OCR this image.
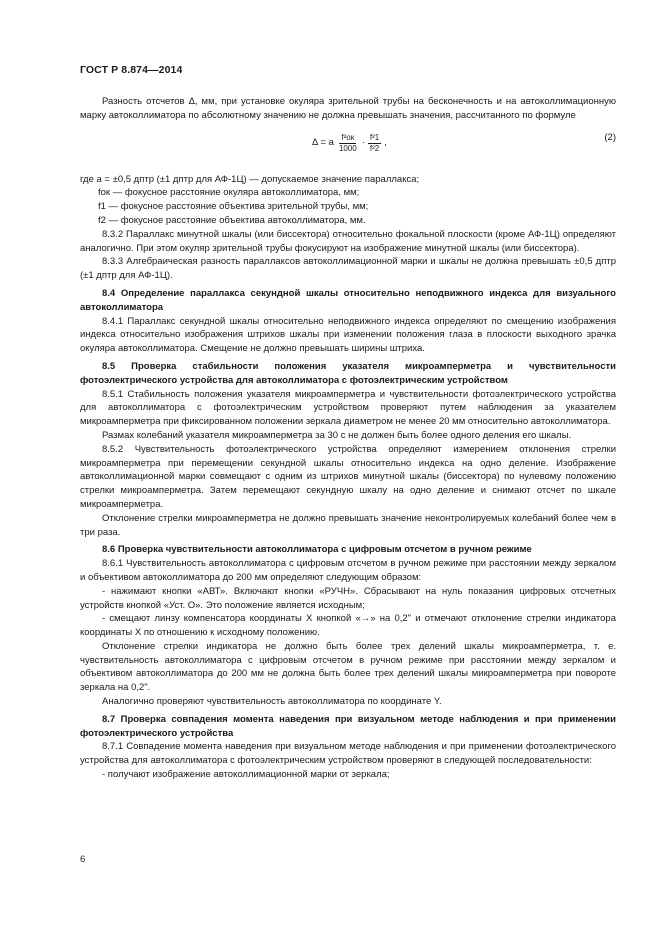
ГОСТ Р 8.874—2014

Разность отсчетов Δ, мм, при установке окуляра зрительной трубы на бесконечность и на автоколлимационную марку автоколлиматора по абсолютному значению не должна превышать значения, рассчитанного по формуле

Δ = a $\frac{\text{f²ок}}{1000} \cdot \frac{\text{f²1}}{\text{f²2}}$ ,
(2)

где a = ±0,5 дптр (±1 дптр для АФ-1Ц) — допускаемое значение параллакса;

fок — фокусное расстояние окуляра автоколлиматора, мм;

f1 — фокусное расстояние объектива зрительной трубы, мм;

f2 — фокусное расстояние объектива автоколлиматора, мм.

8.3.2 Параллакс минутной шкалы (или биссектора) относительно фокальной плоскости (кроме АФ-1Ц) определяют аналогично. При этом окуляр зрительной трубы фокусируют на изображение минутной шкалы (или биссектора).

8.3.3 Алгебраическая разность параллаксов автоколлимационной марки и шкалы не должна превышать ±0,5 дптр (±1 дптр для АФ-1Ц).

8.4 Определение параллакса секундной шкалы относительно неподвижного индекса для визуального автоколлиматора

8.4.1 Параллакс секундной шкалы относительно неподвижного индекса определяют по смещению изображения индекса относительно изображения штрихов шкалы при изменении положения глаза в плоскости выходного зрачка окуляра автоколлиматора. Смещение не должно превышать ширины штриха.

8.5 Проверка стабильности положения указателя микроамперметра и чувствительности фотоэлектрического устройства для автоколлиматора с фотоэлектрическим устройством

8.5.1 Стабильность положения указателя микроамперметра и чувствительности фотоэлектрического устройства для автоколлиматора с фотоэлектрическим устройством проверяют путем наблюдения за указателем микроамперметра при фиксированном положении зеркала диаметром не менее 20 мм относительно автоколлиматора.

Размах колебаний указателя микроамперметра за 30 с не должен быть более одного деления его шкалы.

8.5.2 Чувствительность фотоэлектрического устройства определяют измерением отклонения стрелки микроамперметра при перемещении секундной шкалы относительно индекса на одно деление. Изображение автоколлимационной марки совмещают с одним из штрихов минутной шкалы (биссектора) по нулевому положению стрелки микроамперметра. Затем перемещают секундную шкалу на одно деление и снимают отсчет по шкале микроамперметра.

Отклонение стрелки микроамперметра не должно превышать значение неконтролируемых колебаний более чем в три раза.

8.6 Проверка чувствительности автоколлиматора с цифровым отсчетом в ручном режиме

8.6.1 Чувствительность автоколлиматора с цифровым отсчетом в ручном режиме при расстоянии между зеркалом и объективом автоколлиматора до 200 мм определяют следующим образом:

- нажимают кнопки «АВТ». Включают кнопки «РУЧН». Сбрасывают на нуль показания цифровых отсчетных устройств кнопкой «Уст. О». Это положение является исходным;

- смещают линзу компенсатора координаты X кнопкой «→» на 0,2" и отмечают отклонение стрелки индикатора координаты X по отношению к исходному положению.

Отклонение стрелки индикатора не должно быть более трех делений шкалы микроамперметра, т. е. чувствительность автоколлиматора с цифровым отсчетом в ручном режиме при расстоянии между зеркалом и объективом автоколлиматора до 200 мм не должна быть более трех делений шкалы микроамперметра при повороте зеркала на 0,2".

Аналогично проверяют чувствительность автоколлиматора по координате Y.

8.7 Проверка совпадения момента наведения при визуальном методе наблюдения и при применении фотоэлектрического устройства

8.7.1 Совпадение момента наведения при визуальном методе наблюдения и при применении фотоэлектрического устройства для автоколлиматора с фотоэлектрическим устройством проверяют в следующей последовательности:

- получают изображение автоколлимационной марки от зеркала;

6
